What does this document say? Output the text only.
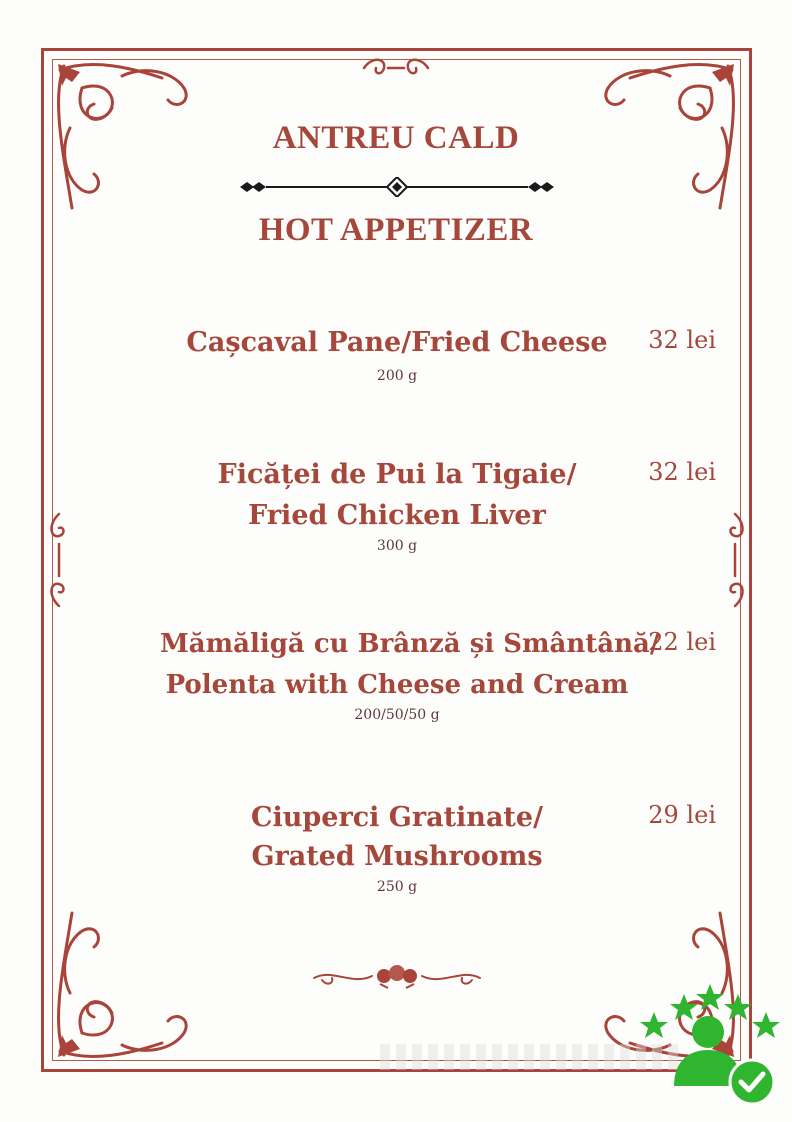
ANTREU CALD
HOT APPETIZER
Cașcaval Pane/Fried Cheese
200 g
32 lei
Ficăței de Pui la Tigaie/
Fried Chicken Liver
300 g
32 lei
Mămăligă cu Brânză și Smântână/
Polenta with Cheese and Cream
200/50/50 g
22 lei
Ciuperci Gratinate/
Grated Mushrooms
250 g
29 lei
